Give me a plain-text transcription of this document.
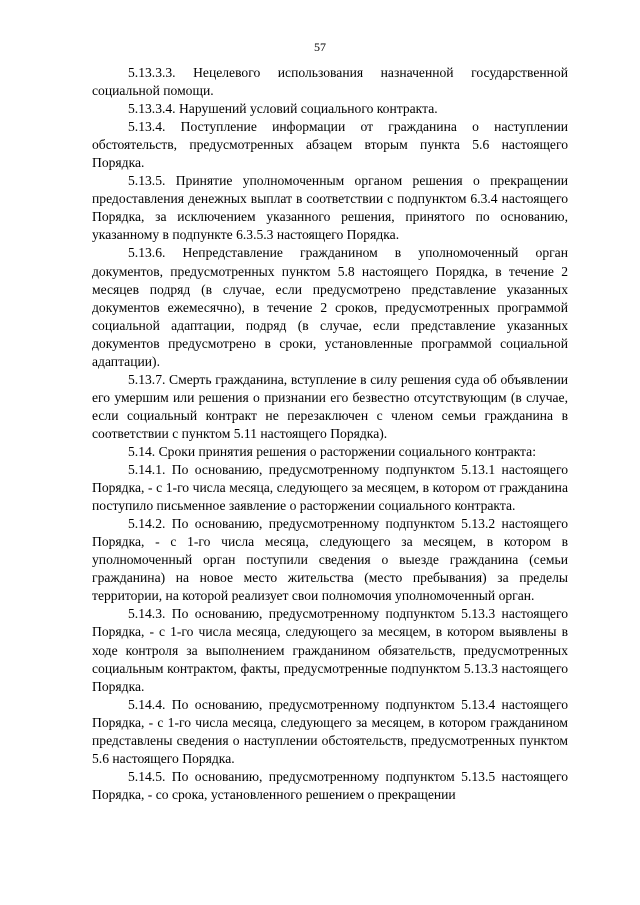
57

5.13.3.3. Нецелевого использования назначенной государственной социальной помощи.

5.13.3.4. Нарушений условий социального контракта.

5.13.4. Поступление информации от гражданина о наступлении обстоятельств, предусмотренных абзацем вторым пункта 5.6 настоящего Порядка.

5.13.5. Принятие уполномоченным органом решения о прекращении предоставления денежных выплат в соответствии с подпунктом 6.3.4 настоящего Порядка, за исключением указанного решения, принятого по основанию, указанному в подпункте 6.3.5.3 настоящего Порядка.

5.13.6. Непредставление гражданином в уполномоченный орган документов, предусмотренных пунктом 5.8 настоящего Порядка, в течение 2 месяцев подряд (в случае, если предусмотрено представление указанных документов ежемесячно), в течение 2 сроков, предусмотренных программой социальной адаптации, подряд (в случае, если представление указанных документов предусмотрено в сроки, установленные программой социальной адаптации).

5.13.7. Смерть гражданина, вступление в силу решения суда об объявлении его умершим или решения о признании его безвестно отсутствующим (в случае, если социальный контракт не перезаключен с членом семьи гражданина в соответствии с пунктом 5.11 настоящего Порядка).

5.14. Сроки принятия решения о расторжении социального контракта:

5.14.1. По основанию, предусмотренному подпунктом 5.13.1 настоящего Порядка, - с 1-го числа месяца, следующего за месяцем, в котором от гражданина поступило письменное заявление о расторжении социального контракта.

5.14.2. По основанию, предусмотренному подпунктом 5.13.2 настоящего Порядка, - с 1-го числа месяца, следующего за месяцем, в котором в уполномоченный орган поступили сведения о выезде гражданина (семьи гражданина) на новое место жительства (место пребывания) за пределы территории, на которой реализует свои полномочия уполномоченный орган.

5.14.3. По основанию, предусмотренному подпунктом 5.13.3 настоящего Порядка, - с 1-го числа месяца, следующего за месяцем, в котором выявлены в ходе контроля за выполнением гражданином обязательств, предусмотренных социальным контрактом, факты, предусмотренные подпунктом 5.13.3 настоящего Порядка.

5.14.4. По основанию, предусмотренному подпунктом 5.13.4 настоящего Порядка, - с 1-го числа месяца, следующего за месяцем, в котором гражданином представлены сведения о наступлении обстоятельств, предусмотренных пунктом 5.6 настоящего Порядка.

5.14.5. По основанию, предусмотренному подпунктом 5.13.5 настоящего Порядка, - со срока, установленного решением о прекращении
